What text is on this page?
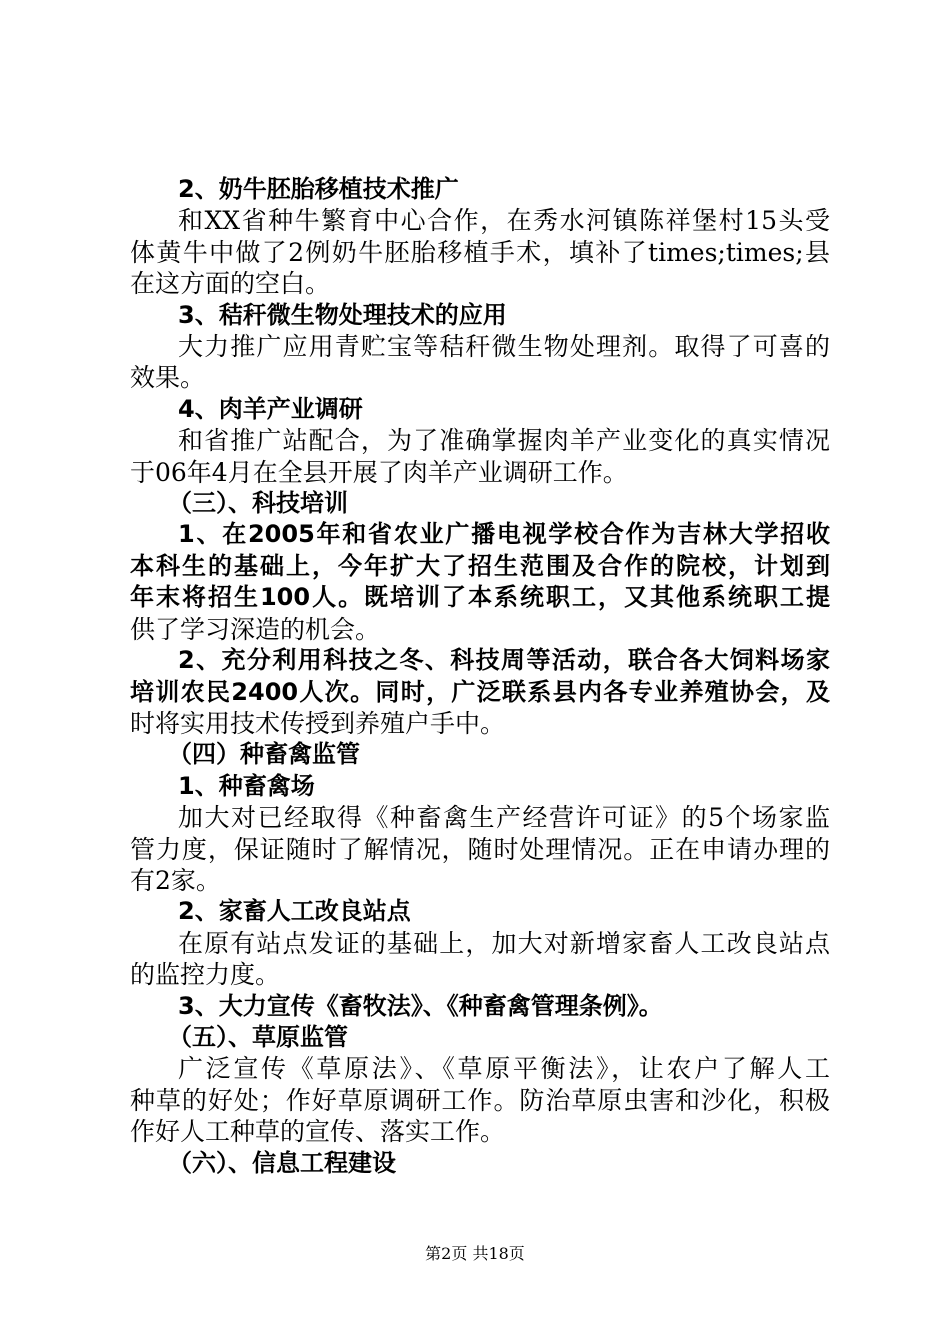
2、奶牛胚胎移植技术推广
和XX省种牛繁育中心合作，在秀水河镇陈祥堡村15头受
体黄牛中做了2例奶牛胚胎移植手术，填补了times;times;县
在这方面的空白。
3、秸秆微生物处理技术的应用
大力推广应用青贮宝等秸秆微生物处理剂。取得了可喜的
效果。
4、肉羊产业调研
和省推广站配合，为了准确掌握肉羊产业变化的真实情况
于06年4月在全县开展了肉羊产业调研工作。
（三）、科技培训
1、在2005年和省农业广播电视学校合作为吉林大学招收
本科生的基础上，今年扩大了招生范围及合作的院校，计划到
年末将招生100人。既培训了本系统职工，又其他系统职工提
供了学习深造的机会。
2、充分利用科技之冬、科技周等活动，联合各大饲料场家
培训农民2400人次。同时，广泛联系县内各专业养殖协会，及
时将实用技术传授到养殖户手中。
（四）种畜禽监管
1、种畜禽场
加大对已经取得《种畜禽生产经营许可证》的5个场家监
管力度，保证随时了解情况，随时处理情况。正在申请办理的
有2家。
2、家畜人工改良站点
在原有站点发证的基础上，加大对新增家畜人工改良站点
的监控力度。
3、大力宣传《畜牧法》、《种畜禽管理条例》。
（五）、草原监管
广泛宣传《草原法》、《草原平衡法》，让农户了解人工
种草的好处；作好草原调研工作。防治草原虫害和沙化，积极
作好人工种草的宣传、落实工作。
（六）、信息工程建设
第2页 共18页
